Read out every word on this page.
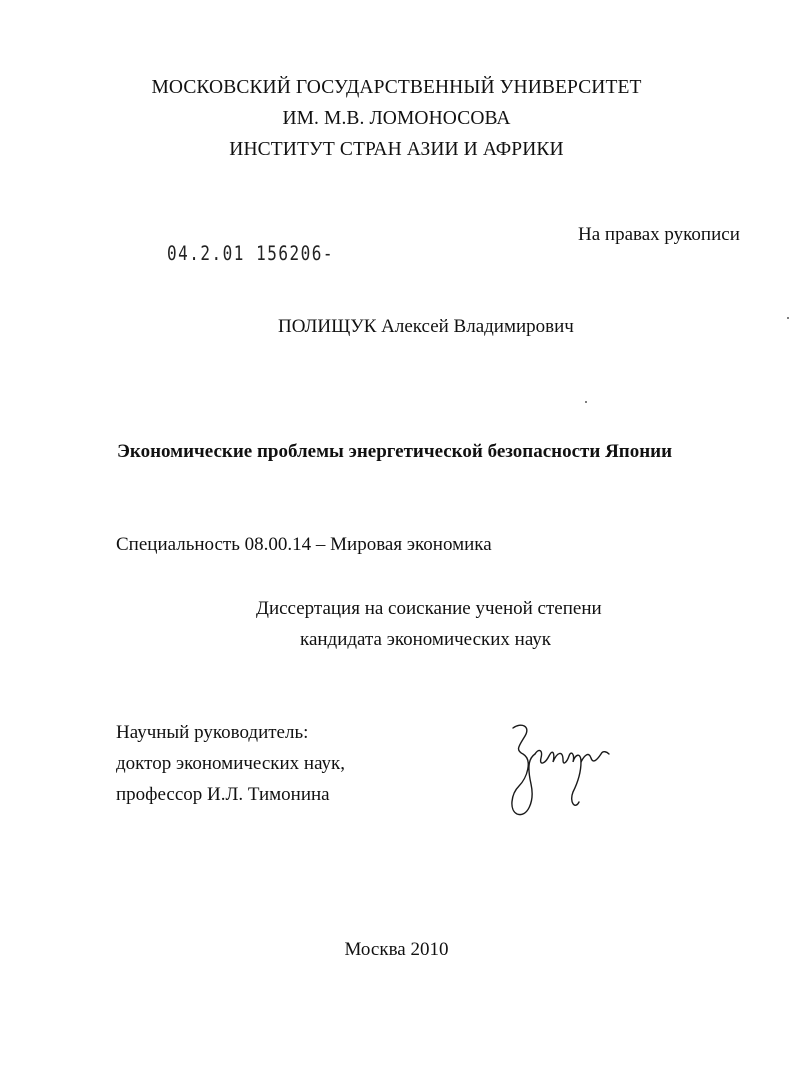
МОСКОВСКИЙ ГОСУДАРСТВЕННЫЙ УНИВЕРСИТЕТ
ИМ. М.В. ЛОМОНОСОВА
ИНСТИТУТ СТРАН АЗИИ И АФРИКИ
На правах рукописи
04.2.01 156206-
ПОЛИЩУК Алексей Владимирович
Экономические проблемы энергетической безопасности Японии
Специальность 08.00.14 – Мировая экономика
Диссертация на соискание ученой степени
кандидата экономических наук
Научный руководитель:
доктор экономических наук,
профессор И.Л. Тимонина
Москва 2010
